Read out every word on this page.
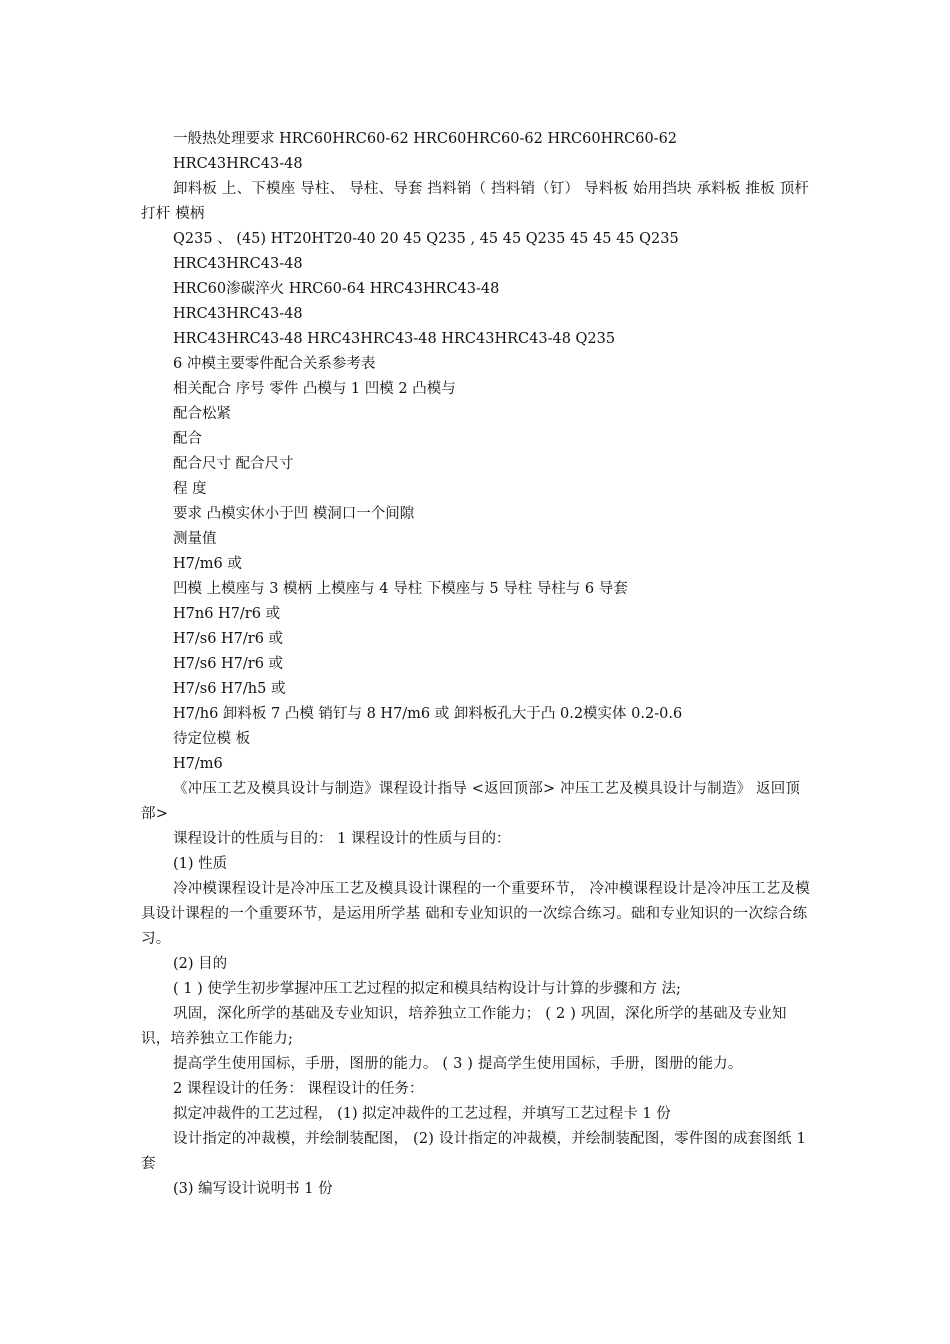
一般热处理要求 HRC60HRC60-62 HRC60HRC60-62 HRC60HRC60-62
HRC43HRC43-48
卸料板 上、下模座 导柱、 导柱、导套 挡料销（ 挡料销（钉） 导料板 始用挡块 承料板 推板 顶杆 打杆 模柄
Q235 、 (45) HT20HT20-40 20 45 Q235 , 45 45 Q235 45 45 45 Q235
HRC43HRC43-48
HRC60渗碳淬火 HRC60-64 HRC43HRC43-48
HRC43HRC43-48
HRC43HRC43-48 HRC43HRC43-48 HRC43HRC43-48 Q235
6 冲模主要零件配合关系参考表
相关配合 序号 零件 凸模与 1 凹模 2 凸模与
配合松紧
配合
配合尺寸 配合尺寸
程 度
要求 凸模实休小于凹 模洞口一个间隙
测量值
H7/m6 或
凹模 上模座与 3 模柄 上模座与 4 导柱 下模座与 5 导柱 导柱与 6 导套
H7n6 H7/r6 或
H7/s6 H7/r6 或
H7/s6 H7/r6 或
H7/s6 H7/h5 或
H7/h6 卸料板 7 凸模 销钉与 8 H7/m6 或 卸料板孔大于凸 0.2模实体 0.2-0.6
待定位模 板
H7/m6
《冲压工艺及模具设计与制造》课程设计指导 <返回顶部> 冲压工艺及模具设计与制造》 返回顶部>
课程设计的性质与目的： 1 课程设计的性质与目的：
(1) 性质
冷冲模课程设计是冷冲压工艺及模具设计课程的一个重要环节， 冷冲模课程设计是冷冲压工艺及模具设计课程的一个重要环节，是运用所学基 础和专业知识的一次综合练习。础和专业知识的一次综合练习。
(2) 目的
( 1 ) 使学生初步掌握冲压工艺过程的拟定和模具结构设计与计算的步骤和方 法;
巩固，深化所学的基础及专业知识，培养独立工作能力； ( 2 ) 巩固，深化所学的基础及专业知识，培养独立工作能力;
提高学生使用国标，手册，图册的能力。 ( 3 ) 提高学生使用国标，手册，图册的能力。
2 课程设计的任务： 课程设计的任务：
拟定冲裁件的工艺过程， (1) 拟定冲裁件的工艺过程，并填写工艺过程卡 1 份
设计指定的冲裁模，并绘制装配图， (2) 设计指定的冲裁模，并绘制装配图，零件图的成套图纸 1 套
(3) 编写设计说明书 1 份
